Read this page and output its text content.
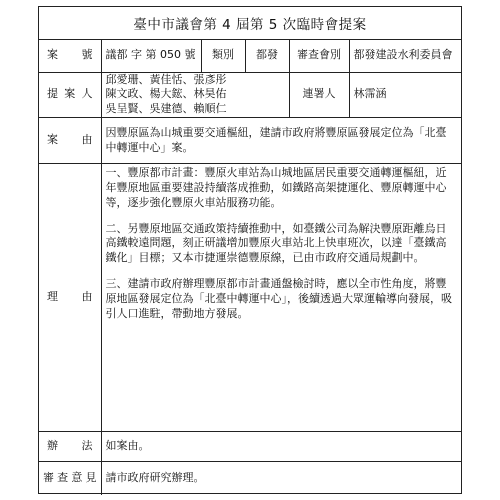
臺中市議會第 4 屆第 5 次臨時會提案
案號	議都 字 第 050 號	類別	都發	審查會別	都發建設水利委員會
提案人	邱愛珊、黃佳恬、張彥彤
陳文政、楊大鋐、林昊佑
吳呈賢、吳建德、賴順仁			連署人	林霈涵
案由	因豐原區為山城重要交通樞紐，建請市政府將豐原區發展定位為「北臺中轉運中心」案。				
理由	一、豐原都市計畫：豐原火車站為山城地區居民重要交通轉運樞紐，近年豐原地區重要建設持續落成推動，如鐵路高架捷運化、豐原轉運中心等，逐步強化豐原火車站服務功能。

二、另豐原地區交通政策持續推動中，如臺鐵公司為解決豐原距離烏日高鐵較遠問題，刻正研議增加豐原火車站北上快車班次，以達「臺鐵高鐵化」目標；又本市捷運崇德豐原線，已由市政府交通局規劃中。

三、建請市政府辦理豐原都市計畫通盤檢討時，應以全市性角度，將豐原地區發展定位為「北臺中轉運中心」，後續透過大眾運輸導向發展，吸引人口進駐，帶動地方發展。				

辦法	如案由。				
審查意見	請市政府研究辦理。				
